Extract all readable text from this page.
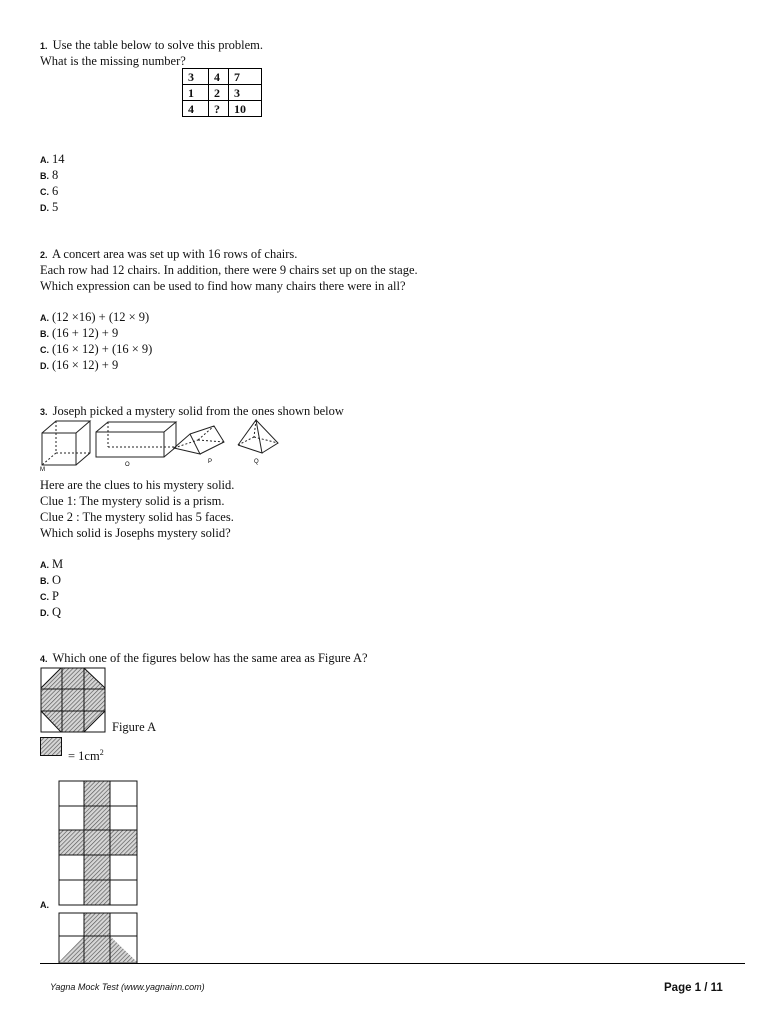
1 . Use the table below to solve this problem.
What is the missing number?
3	4	7
1	2	3
4	?	10
A . 14
B . 8
C . 6
D . 5
2 . A concert area was set up with 16 rows of chairs.
Each row had 12 chairs. In addition, there were 9 chairs set up on the stage.
Which expression can be used to find how many chairs there were in all?
A . (12 ×16) + (12 × 9)
B . (16 + 12) + 9
C . (16 × 12) + (16 × 9)
D . (16 × 12) + 9
3 . Joseph picked a mystery solid from the ones shown below
M
O	P	Q
Here are the clues to his mystery solid.
Clue 1: The mystery solid is a prism.
Clue 2 : The mystery solid has 5 faces.
Which solid is Josephs mystery solid?
A . M
B . O
C . P
D . Q
4 . Which one of the figures below has the same area as Figure A?
Figure A
= $1cm^2$
A .
Yagna Mock Test (www.yagnainn.com)	Page 1 / 11
